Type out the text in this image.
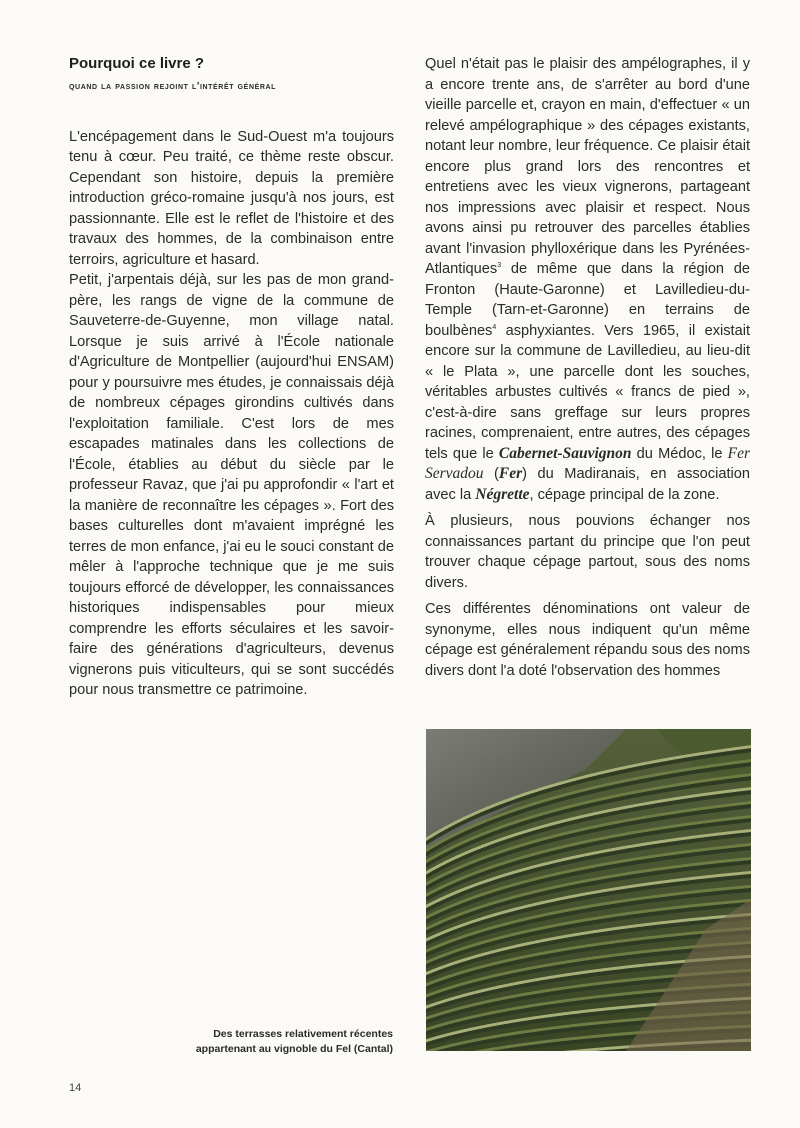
Pourquoi ce livre ?
quand la passion rejoint l'intérêt général

L'encépagement dans le Sud-Ouest m'a toujours tenu à cœur. Peu traité, ce thème reste obscur. Cependant son histoire, depuis la première introduction gréco-romaine jusqu'à nos jours, est passionnante. Elle est le reflet de l'histoire et des travaux des hommes, de la combinaison entre terroirs, agriculture et hasard.

Petit, j'arpentais déjà, sur les pas de mon grand-père, les rangs de vigne de la commune de Sauveterre-de-Guyenne, mon village natal. Lorsque je suis arrivé à l'École nationale d'Agriculture de Montpellier (aujourd'hui ENSAM) pour y poursuivre mes études, je connaissais déjà de nombreux cépages girondins cultivés dans l'exploitation familiale. C'est lors de mes escapades matinales dans les collections de l'École, établies au début du siècle par le professeur Ravaz, que j'ai pu approfondir « l'art et la manière de reconnaître les cépages ». Fort des bases culturelles dont m'avaient imprégné les terres de mon enfance, j'ai eu le souci constant de mêler à l'approche technique que je me suis toujours efforcé de développer, les connaissances historiques indispensables pour mieux comprendre les efforts séculaires et les savoir-faire des générations d'agriculteurs, devenus vignerons puis viticulteurs, qui se sont succédés pour nous transmettre ce patrimoine.

Quel n'était pas le plaisir des ampélographes, il y a encore trente ans, de s'arrêter au bord d'une vieille parcelle et, crayon en main, d'effectuer « un relevé ampélographique » des cépages existants, notant leur nombre, leur fréquence. Ce plaisir était encore plus grand lors des rencontres et entretiens avec les vieux vignerons, partageant nos impressions avec plaisir et respect. Nous avons ainsi pu retrouver des parcelles établies avant l'invasion phylloxérique dans les Pyrénées-Atlantiques$^3$ de même que dans la région de Fronton (Haute-Garonne) et Lavilledieu-du-Temple (Tarn-et-Garonne) en terrains de boulbènes$^4$ asphyxiantes. Vers 1965, il existait encore sur la commune de Lavilledieu, au lieu-dit « le Plata », une parcelle dont les souches, véritables arbustes cultivés « francs de pied », c'est-à-dire sans greffage sur leurs propres racines, comprenaient, entre autres, des cépages tels que le Cabernet-Sauvignon du Médoc, le Fer Servadou (Fer) du Madiranais, en association avec la Négrette, cépage principal de la zone.

À plusieurs, nous pouvions échanger nos connaissances partant du principe que l'on peut trouver chaque cépage partout, sous des noms divers.

Ces différentes dénominations ont valeur de synonyme, elles nous indiquent qu'un même cépage est généralement répandu sous des noms divers dont l'a doté l'observation des hommes

Des terrasses relativement récentes
appartenant au vignoble du Fel (Cantal)
14
